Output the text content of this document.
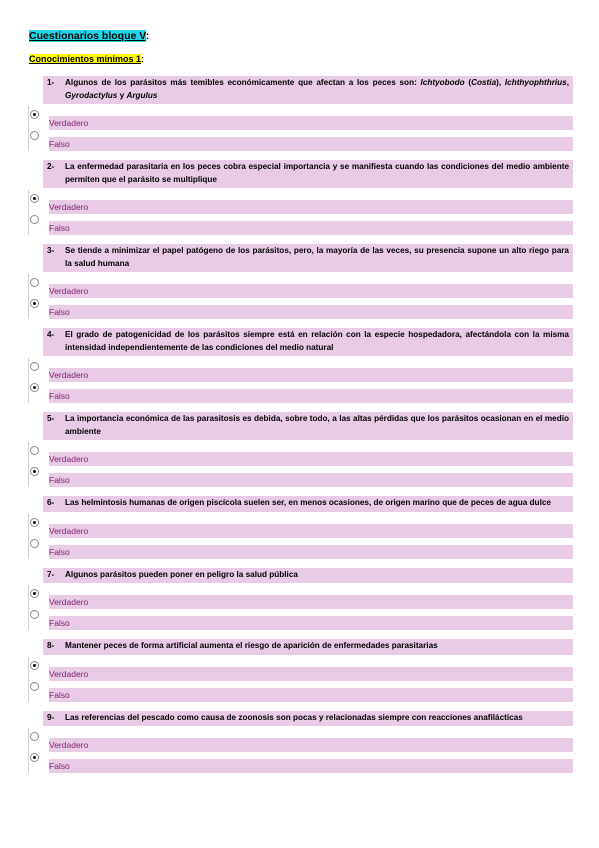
Cuestionarios bloque V:
Conocimientos mínimos 1:
1-	Algunos de los parásitos más temibles económicamente que afectan a los peces son: Ichtyobodo (Costia), Ichthyophthrius, Gyrodactylus y Argulus
Verdadero
Falso
2-	La enfermedad parasitaria en los peces cobra especial importancia y se manifiesta cuando las condiciones del medio ambiente permiten que el parásito se multiplique
Verdadero
Falso
3-	Se tiende a minimizar el papel patógeno de los parásitos, pero, la mayoría de las veces, su presencia supone un alto riego para la salud humana
Verdadero
Falso
4-	El grado de patogenicidad de los parásitos siempre está en relación con la especie hospedadora, afectándola con la misma intensidad independientemente de las condiciones del medio natural
Verdadero
Falso
5-	La importancia económica de las parasitosis es debida, sobre todo, a las altas pérdidas que los parásitos ocasionan en el medio ambiente
Verdadero
Falso
6-	Las helmintosis humanas de origen piscícola suelen ser, en menos ocasiones, de origen marino que de peces de agua dulce
Verdadero
Falso
7-	Algunos parásitos pueden poner en peligro la salud pública
Verdadero
Falso
8-	Mantener peces de forma artificial aumenta el riesgo de aparición de enfermedades parasitarias
Verdadero
Falso
9-	Las referencias del pescado como causa de zoonosis son pocas y relacionadas siempre con reacciones anafilácticas
Verdadero
Falso
